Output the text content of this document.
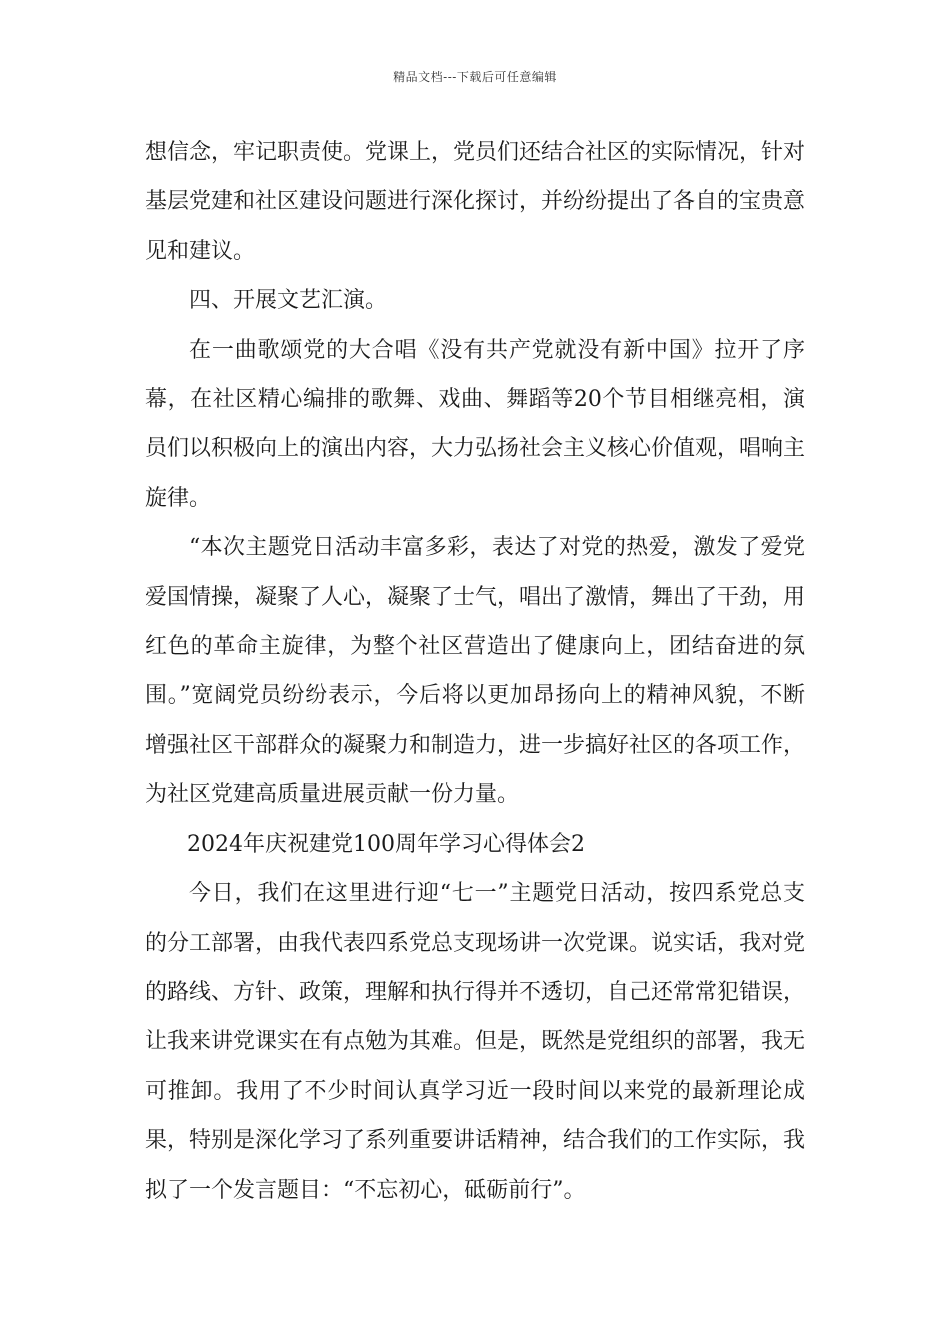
精品文档---下载后可任意编辑

想信念，牢记职责使。党课上，党员们还结合社区的实际情况，针对基层党建和社区建设问题进行深化探讨，并纷纷提出了各自的宝贵意见和建议。

四、开展文艺汇演。

在一曲歌颂党的大合唱《没有共产党就没有新中国》拉开了序幕，在社区精心编排的歌舞、戏曲、舞蹈等20个节目相继亮相，演员们以积极向上的演出内容，大力弘扬社会主义核心价值观，唱响主旋律。

“本次主题党日活动丰富多彩，表达了对党的热爱，激发了爱党爱国情操，凝聚了人心，凝聚了士气，唱出了激情，舞出了干劲，用红色的革命主旋律，为整个社区营造出了健康向上，团结奋进的氛围。”宽阔党员纷纷表示，今后将以更加昂扬向上的精神风貌，不断增强社区干部群众的凝聚力和制造力，进一步搞好社区的各项工作，为社区党建高质量进展贡献一份力量。

2024年庆祝建党100周年学习心得体会2

今日，我们在这里进行迎“七一”主题党日活动，按四系党总支的分工部署，由我代表四系党总支现场讲一次党课。说实话，我对党的路线、方针、政策，理解和执行得并不透切，自己还常常犯错误，让我来讲党课实在有点勉为其难。但是，既然是党组织的部署，我无可推卸。我用了不少时间认真学习近一段时间以来党的最新理论成果，特别是深化学习了系列重要讲话精神，结合我们的工作实际，我拟了一个发言题目：“不忘初心，砥砺前行”。
